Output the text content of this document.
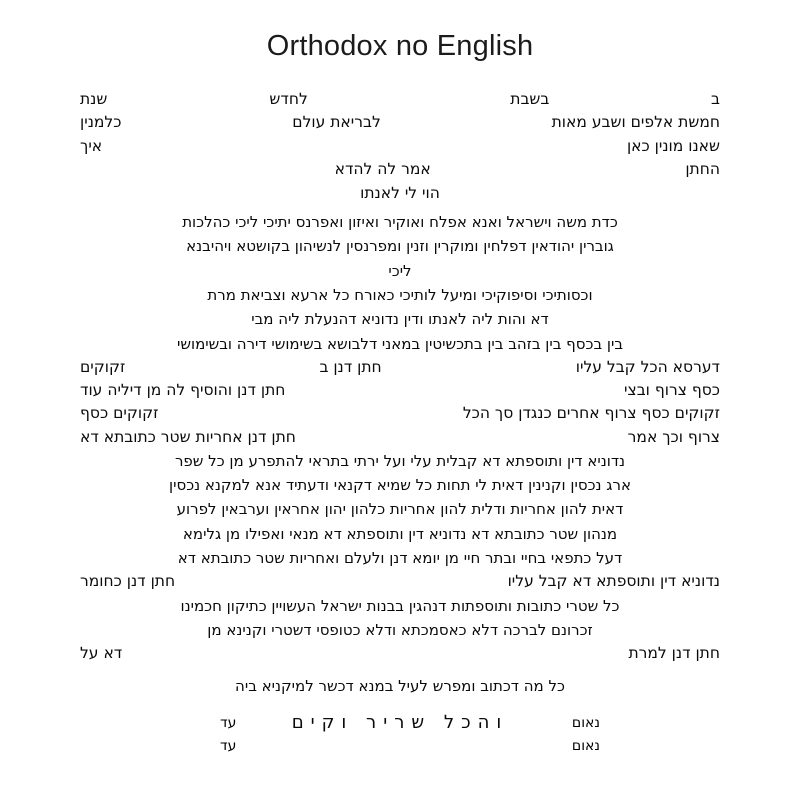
Orthodox no English
ב
בשבת
לחדש
שנת
חמשת אלפים ושבע מאות
לבריאת עולם
כלמנין
שאנו מונין כאן
איך
החתן
אמר לה להדא
הוי לי לאנתו
כדת משה וישראל ואנא אפלח ואוקיר ואיזון ואפרנס יתיכי ליכי כהלכות
גוברין יהודאין דפלחין ומוקרין וזנין ומפרנסין לנשיהון בקושטא ויהיבנא
ליכי
וכסותיכי וסיפוקיכי ומיעל לותיכי כאורח כל ארעא וצביאת מרת
דא והות ליה לאנתו ודין נדוניא דהנעלת ליה מבי
בין בכסף בין בזהב בין בתכשיטין במאני דלבושא בשימושי דירה ובשימושי
דערסא הכל קבל עליו
חתן דנן ב
זקוקים
כסף צרוף ובצי
חתן דנן והוסיף לה מן דיליה עוד
זקוקים כסף צרוף אחרים כנגדן סך הכל
זקוקים כסף
צרוף וכך אמר
חתן דנן אחריות שטר כתובתא דא
נדוניא דין ותוספתא דא קבלית עלי ועל ירתי בתראי להתפרע מן כל שפר
ארג נכסין וקנינין דאית לי תחות כל שמיא דקנאי ודעתיד אנא למקנא נכסין
דאית להון אחריות ודלית להון אחריות כלהון יהון אחראין וערבאין לפרוע
מנהון שטר כתובתא דא נדוניא דין ותוספתא דא מנאי ואפילו מן גלימא
דעל כתפאי בחיי ובתר חיי מן יומא דנן ולעלם ואחריות שטר כתובתא דא
נדוניא דין ותוספתא דא קבל עליו
חתן דנן כחומר
כל שטרי כתובות ותוספתות דנהגין בבנות ישראל העשויין כתיקון חכמינו
זכרונם לברכה דלא כאסמכתא ודלא כטופסי דשטרי וקנינא מן
חתן דנן למרת
דא על
כל מה דכתוב ומפרש לעיל במנא דכשר למיקניא ביה
והכל שריר וקים	נאום
עד
נאום
עד
